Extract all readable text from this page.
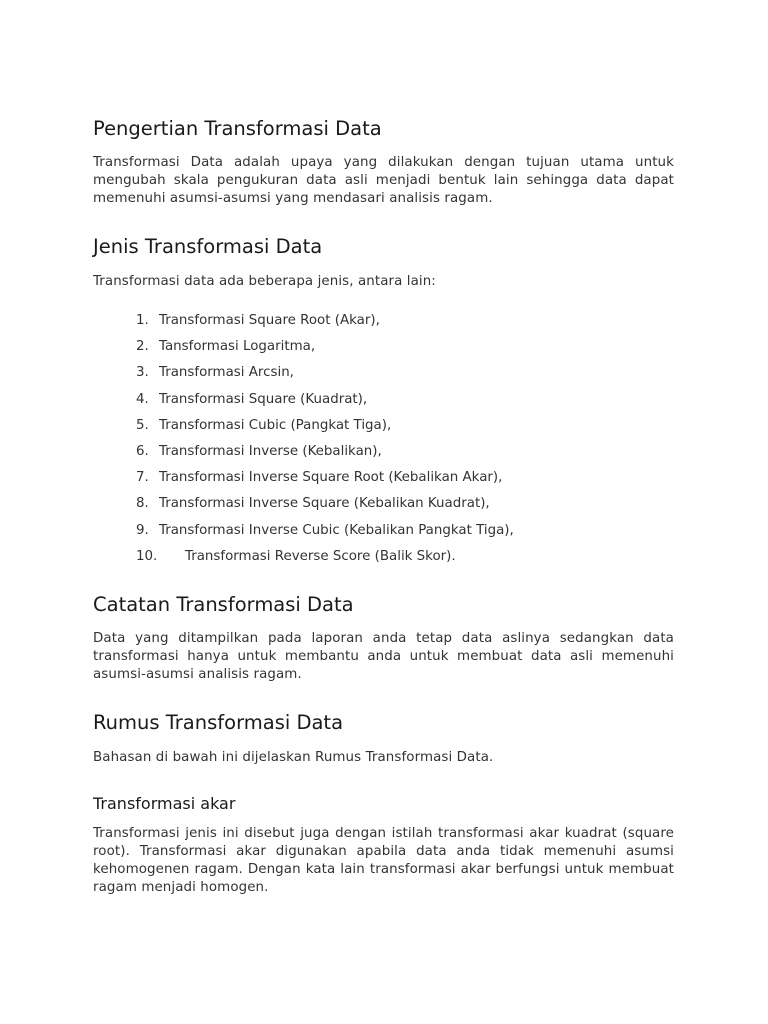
Pengertian Transformasi Data

Transformasi Data adalah upaya yang dilakukan dengan tujuan utama untuk mengubah skala pengukuran data asli menjadi bentuk lain sehingga data dapat memenuhi asumsi-asumsi yang mendasari analisis ragam.

Jenis Transformasi Data

Transformasi data ada beberapa jenis, antara lain:

1. Transformasi Square Root (Akar),
2. Tansformasi Logaritma,
3. Transformasi Arcsin,
4. Transformasi Square (Kuadrat),
5. Transformasi Cubic (Pangkat Tiga),
6. Transformasi Inverse (Kebalikan),
7. Transformasi Inverse Square Root (Kebalikan Akar),
8. Transformasi Inverse Square (Kebalikan Kuadrat),
9. Transformasi Inverse Cubic (Kebalikan Pangkat Tiga),
10. Transformasi Reverse Score (Balik Skor).
Catatan Transformasi Data

Data yang ditampilkan pada laporan anda tetap data aslinya sedangkan data transformasi hanya untuk membantu anda untuk membuat data asli memenuhi asumsi-asumsi analisis ragam.

Rumus Transformasi Data

Bahasan di bawah ini dijelaskan Rumus Transformasi Data.

Transformasi akar

Transformasi jenis ini disebut juga dengan istilah transformasi akar kuadrat (square root). Transformasi akar digunakan apabila data anda tidak memenuhi asumsi kehomogenen ragam. Dengan kata lain transformasi akar berfungsi untuk membuat ragam menjadi homogen.
